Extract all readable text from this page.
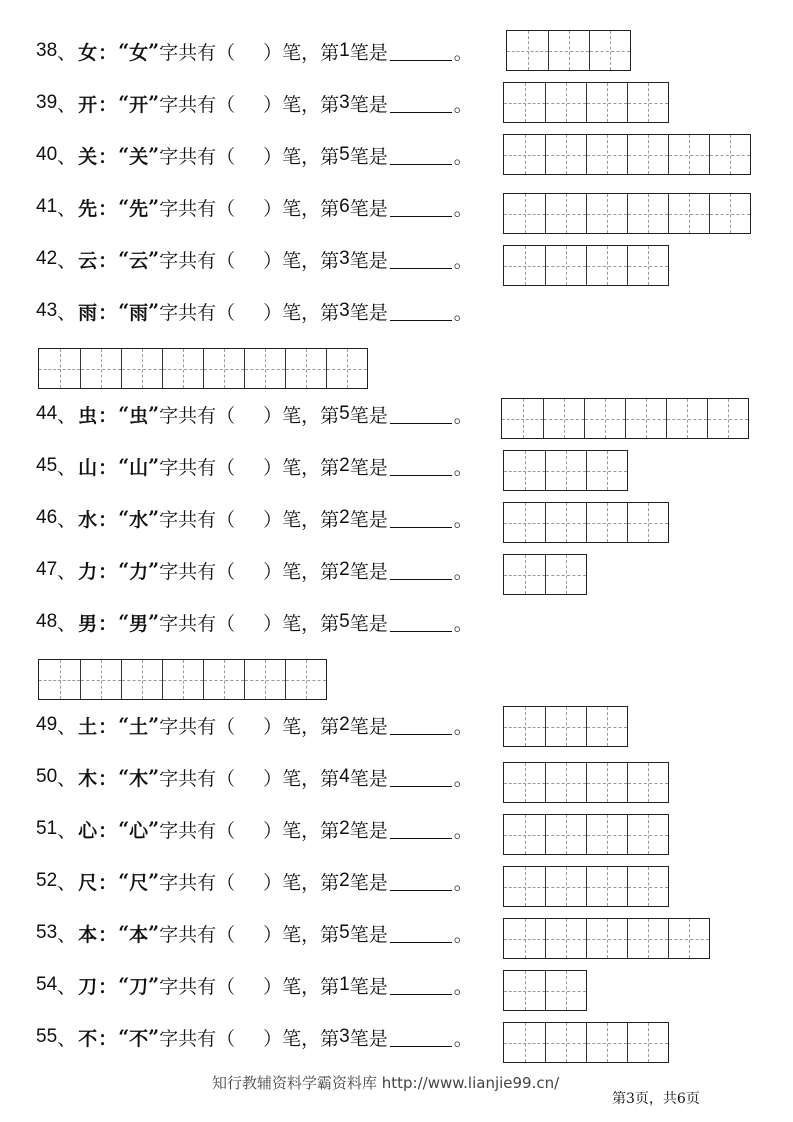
38 、 女 ： “ 女 ” 字共有（ ）笔，第 1 笔是	。
39 、 开 ： “ 开 ” 字共有（ ）笔，第 3 笔是	。
40 、 关 ： “ 关 ” 字共有（ ）笔，第 5 笔是	。
41 、 先 ： “ 先 ” 字共有（ ）笔，第 6 笔是	。
42 、 云 ： “ 云 ” 字共有（ ）笔，第 3 笔是	。
43 、 雨 ： “ 雨 ” 字共有（ ）笔，第 3 笔是	。
44 、 虫 ： “ 虫 ” 字共有（ ）笔，第 5 笔是	。
45 、 山 ： “ 山 ” 字共有（ ）笔，第 2 笔是	。
46 、 水 ： “ 水 ” 字共有（ ）笔，第 2 笔是	。
47 、 力 ： “ 力 ” 字共有（ ）笔，第 2 笔是	。
48 、 男 ： “ 男 ” 字共有（ ）笔，第 5 笔是	。
49 、 土 ： “ 土 ” 字共有（ ）笔，第 2 笔是	。
50 、 木 ： “ 木 ” 字共有（ ）笔，第 4 笔是	。
51 、 心 ： “ 心 ” 字共有（ ）笔，第 2 笔是	。
52 、 尺 ： “ 尺 ” 字共有（ ）笔，第 2 笔是	。
53 、 本 ： “ 本 ” 字共有（ ）笔，第 5 笔是	。
54 、 刀 ： “ 刀 ” 字共有（ ）笔，第 1 笔是	。
55 、 不 ： “ 不 ” 字共有（ ）笔，第 3 笔是	。
知行教辅资料学霸资料库 http://www.lianjie99.cn/
第3页，共6页
